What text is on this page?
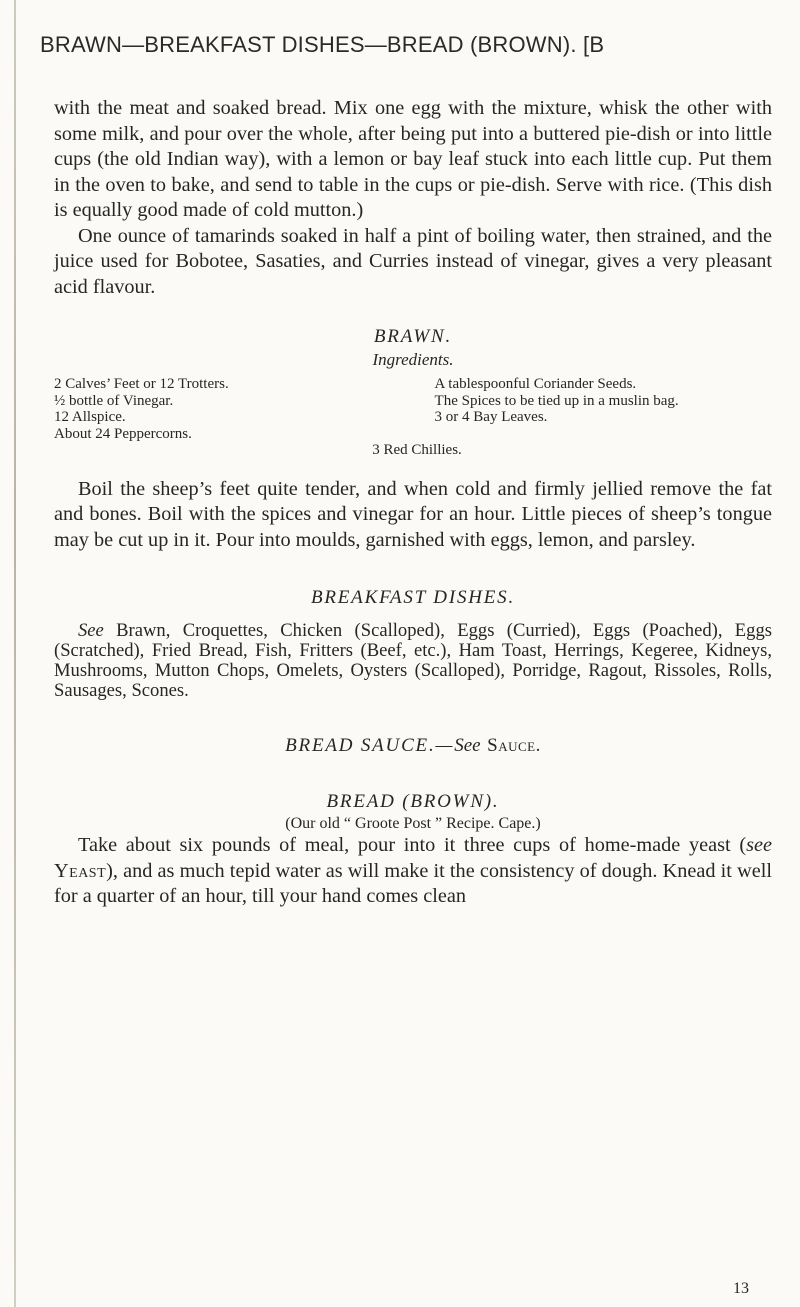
BRAWN—BREAKFAST DISHES—BREAD (BROWN). [B

with the meat and soaked bread. Mix one egg with the mixture, whisk the other with some milk, and pour over the whole, after being put into a buttered pie-dish or into little cups (the old Indian way), with a lemon or bay leaf stuck into each little cup. Put them in the oven to bake, and send to table in the cups or pie-dish. Serve with rice. (This dish is equally good made of cold mutton.)

One ounce of tamarinds soaked in half a pint of boiling water, then strained, and the juice used for Bobotee, Sasaties, and Curries instead of vinegar, gives a very pleasant acid flavour.

BRAWN.

Ingredients.

2 Calves’ Feet or 12 Trotters.
½ bottle of Vinegar.
12 Allspice.
About 24 Peppercorns.
A tablespoonful Coriander Seeds.
The Spices to be tied up in a muslin bag.
3 or 4 Bay Leaves.
3 Red Chillies.

Boil the sheep’s feet quite tender, and when cold and firmly jellied remove the fat and bones. Boil with the spices and vinegar for an hour. Little pieces of sheep’s tongue may be cut up in it. Pour into moulds, garnished with eggs, lemon, and parsley.

BREAKFAST DISHES.

See Brawn, Croquettes, Chicken (Scalloped), Eggs (Curried), Eggs (Poached), Eggs (Scratched), Fried Bread, Fish, Fritters (Beef, etc.), Ham Toast, Herrings, Kegeree, Kidneys, Mushrooms, Mutton Chops, Omelets, Oysters (Scalloped), Porridge, Ragout, Rissoles, Rolls, Sausages, Scones.

BREAD SAUCE.—See Sauce.

BREAD (BROWN).

(Our old “ Groote Post ” Recipe. Cape.)

Take about six pounds of meal, pour into it three cups of home-made yeast (see Yeast), and as much tepid water as will make it the consistency of dough. Knead it well for a quarter of an hour, till your hand comes clean

13
